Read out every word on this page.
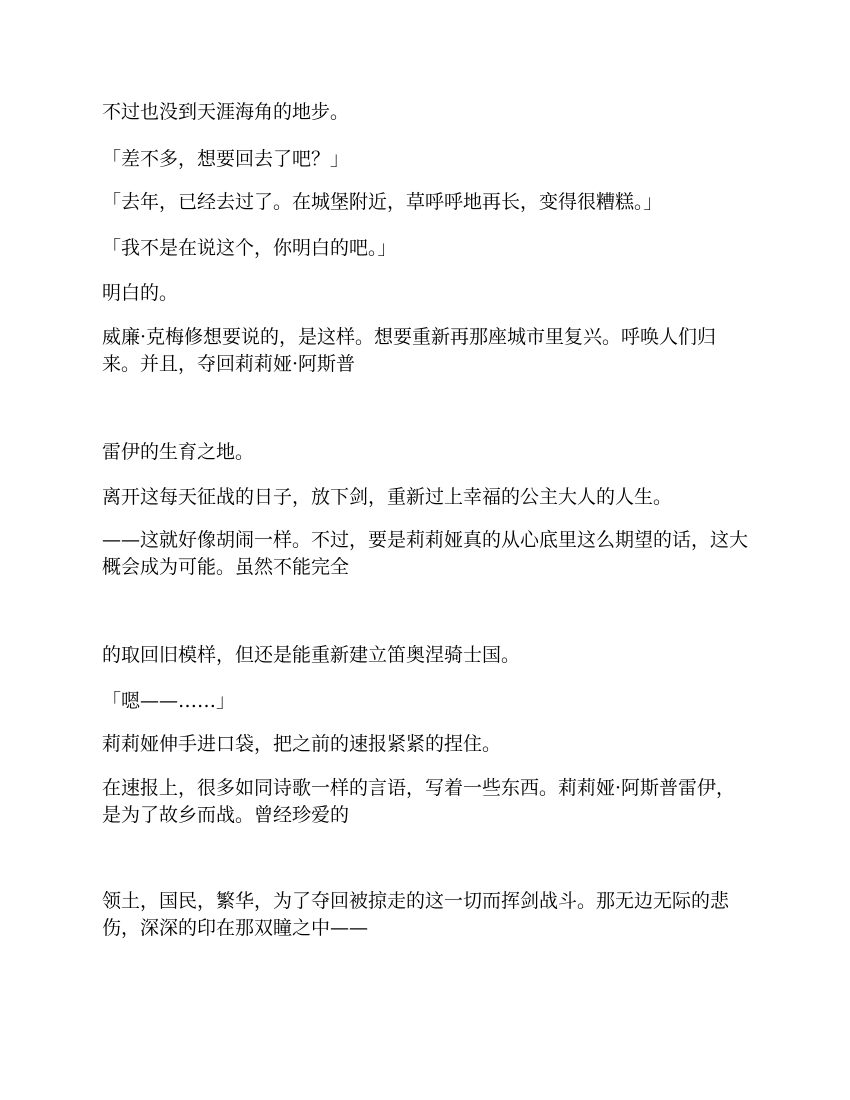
不过也没到天涯海角的地步。

「差不多，想要回去了吧？」

「去年，已经去过了。在城堡附近，草呼呼地再长，变得很糟糕。」

「我不是在说这个，你明白的吧。」

明白的。

威廉·克梅修想要说的，是这样。想要重新再那座城市里复兴。呼唤人们归来。并且，夺回莉莉娅·阿斯普

雷伊的生育之地。

离开这每天征战的日子，放下剑，重新过上幸福的公主大人的人生。

——这就好像胡闹一样。不过，要是莉莉娅真的从心底里这么期望的话，这大概会成为可能。虽然不能完全

的取回旧模样，但还是能重新建立笛奥涅骑士国。

「嗯——……」

莉莉娅伸手进口袋，把之前的速报紧紧的捏住。

在速报上，很多如同诗歌一样的言语，写着一些东西。莉莉娅·阿斯普雷伊，是为了故乡而战。曾经珍爱的

领土，国民，繁华，为了夺回被掠走的这一切而挥剑战斗。那无边无际的悲伤，深深的印在那双瞳之中——
